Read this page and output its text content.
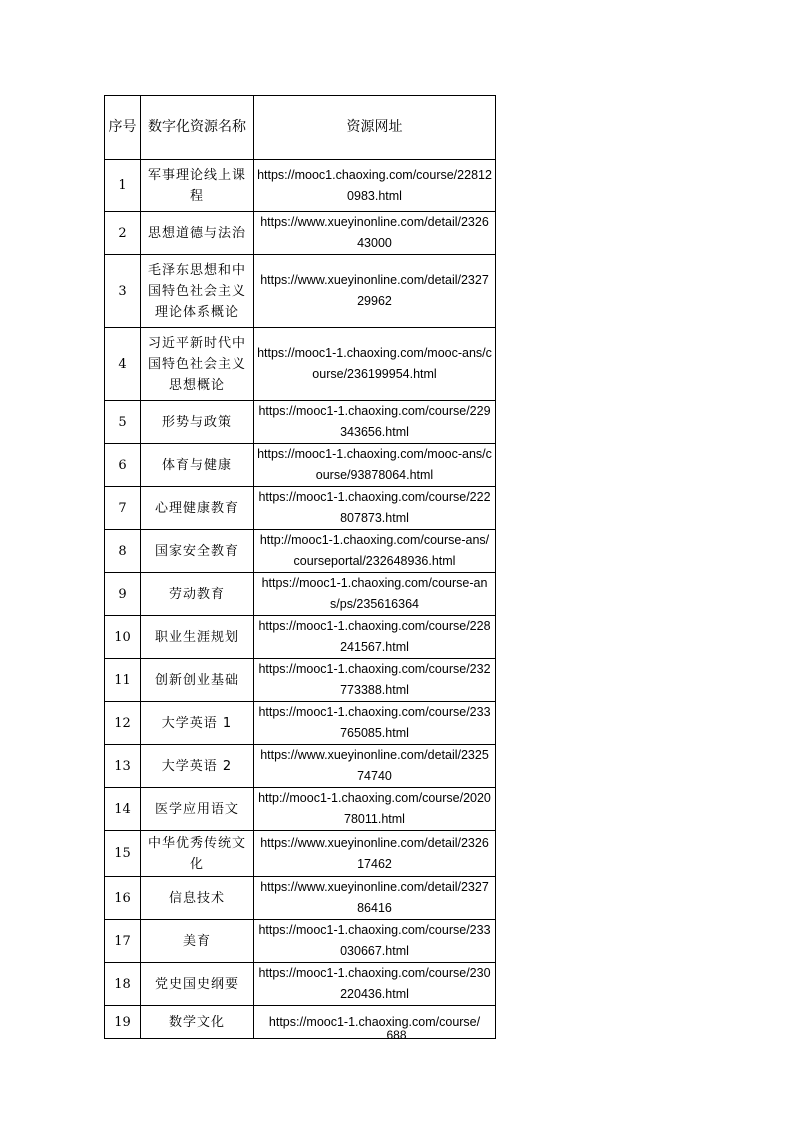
序号	数字化资源名称	资源网址
1	军事理论线上课程	https://mooc1.chaoxing.com/course/228120983.html
2	思想道德与法治	https://www.xueyinonline.com/detail/232643000
3	毛泽东思想和中国特色社会主义理论体系概论	https://www.xueyinonline.com/detail/232729962
4	习近平新时代中国特色社会主义思想概论	https://mooc1-1.chaoxing.com/mooc-ans/course/236199954.html
5	形势与政策	https://mooc1-1.chaoxing.com/course/229343656.html
6	体育与健康	https://mooc1-1.chaoxing.com/mooc-ans/course/93878064.html
7	心理健康教育	https://mooc1-1.chaoxing.com/course/222807873.html
8	国家安全教育	http://mooc1-1.chaoxing.com/course-ans/courseportal/232648936.html
9	劳动教育	https://mooc1-1.chaoxing.com/course-ans/ps/235616364
10	职业生涯规划	https://mooc1-1.chaoxing.com/course/228241567.html
11	创新创业基础	https://mooc1-1.chaoxing.com/course/232773388.html
12	大学英语 1	https://mooc1-1.chaoxing.com/course/233765085.html
13	大学英语 2	https://www.xueyinonline.com/detail/232574740
14	医学应用语文	http://mooc1-1.chaoxing.com/course/202078011.html
15	中华优秀传统文化	https://www.xueyinonline.com/detail/232617462
16	信息技术	https://www.xueyinonline.com/detail/232786416
17	美育	https://mooc1-1.chaoxing.com/course/233030667.html
18	党史国史纲要	https://mooc1-1.chaoxing.com/course/230220436.html
19	数学文化	https://mooc1-1.chaoxing.com/course/
688
